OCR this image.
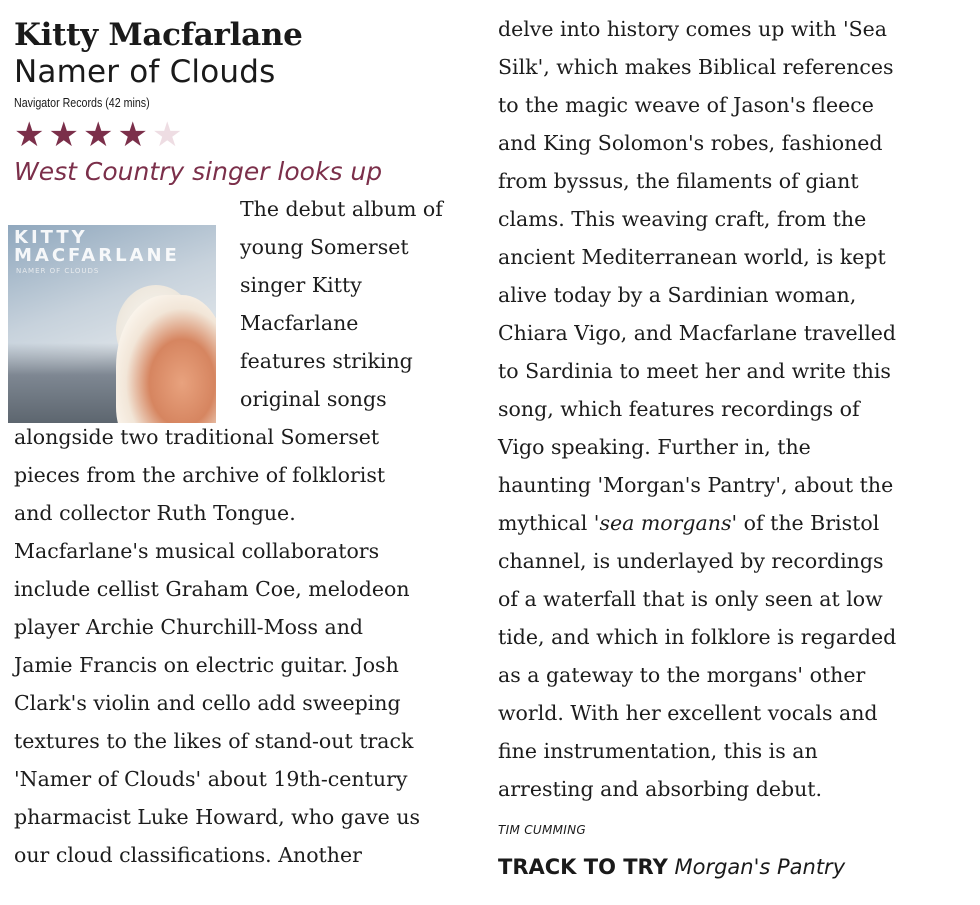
Kitty Macfarlane
Namer of Clouds
Navigator Records (42 mins)
★ ★ ★ ★ ★
West Country singer looks up
The debut album of
young Somerset
singer Kitty
Macfarlane
features striking
original songs
alongside two traditional Somerset
pieces from the archive of folklorist
and collector Ruth Tongue.
Macfarlane's musical collaborators
include cellist Graham Coe, melodeon
player Archie Churchill-Moss and
Jamie Francis on electric guitar. Josh
Clark's violin and cello add sweeping
textures to the likes of stand-out track
'Namer of Clouds' about 19th-century
pharmacist Luke Howard, who gave us
our cloud classifications. Another
KITTY
MACFARLANE
NAMER OF CLOUDS
delve into history comes up with 'Sea
Silk', which makes Biblical references
to the magic weave of Jason's fleece
and King Solomon's robes, fashioned
from byssus, the filaments of giant
clams. This weaving craft, from the
ancient Mediterranean world, is kept
alive today by a Sardinian woman,
Chiara Vigo, and Macfarlane travelled
to Sardinia to meet her and write this
song, which features recordings of
Vigo speaking. Further in, the
haunting 'Morgan's Pantry', about the
mythical 'sea morgans' of the Bristol
channel, is underlayed by recordings
of a waterfall that is only seen at low
tide, and which in folklore is regarded
as a gateway to the morgans' other
world. With her excellent vocals and
fine instrumentation, this is an
arresting and absorbing debut.
TIM CUMMING
TRACK TO TRY Morgan's Pantry
